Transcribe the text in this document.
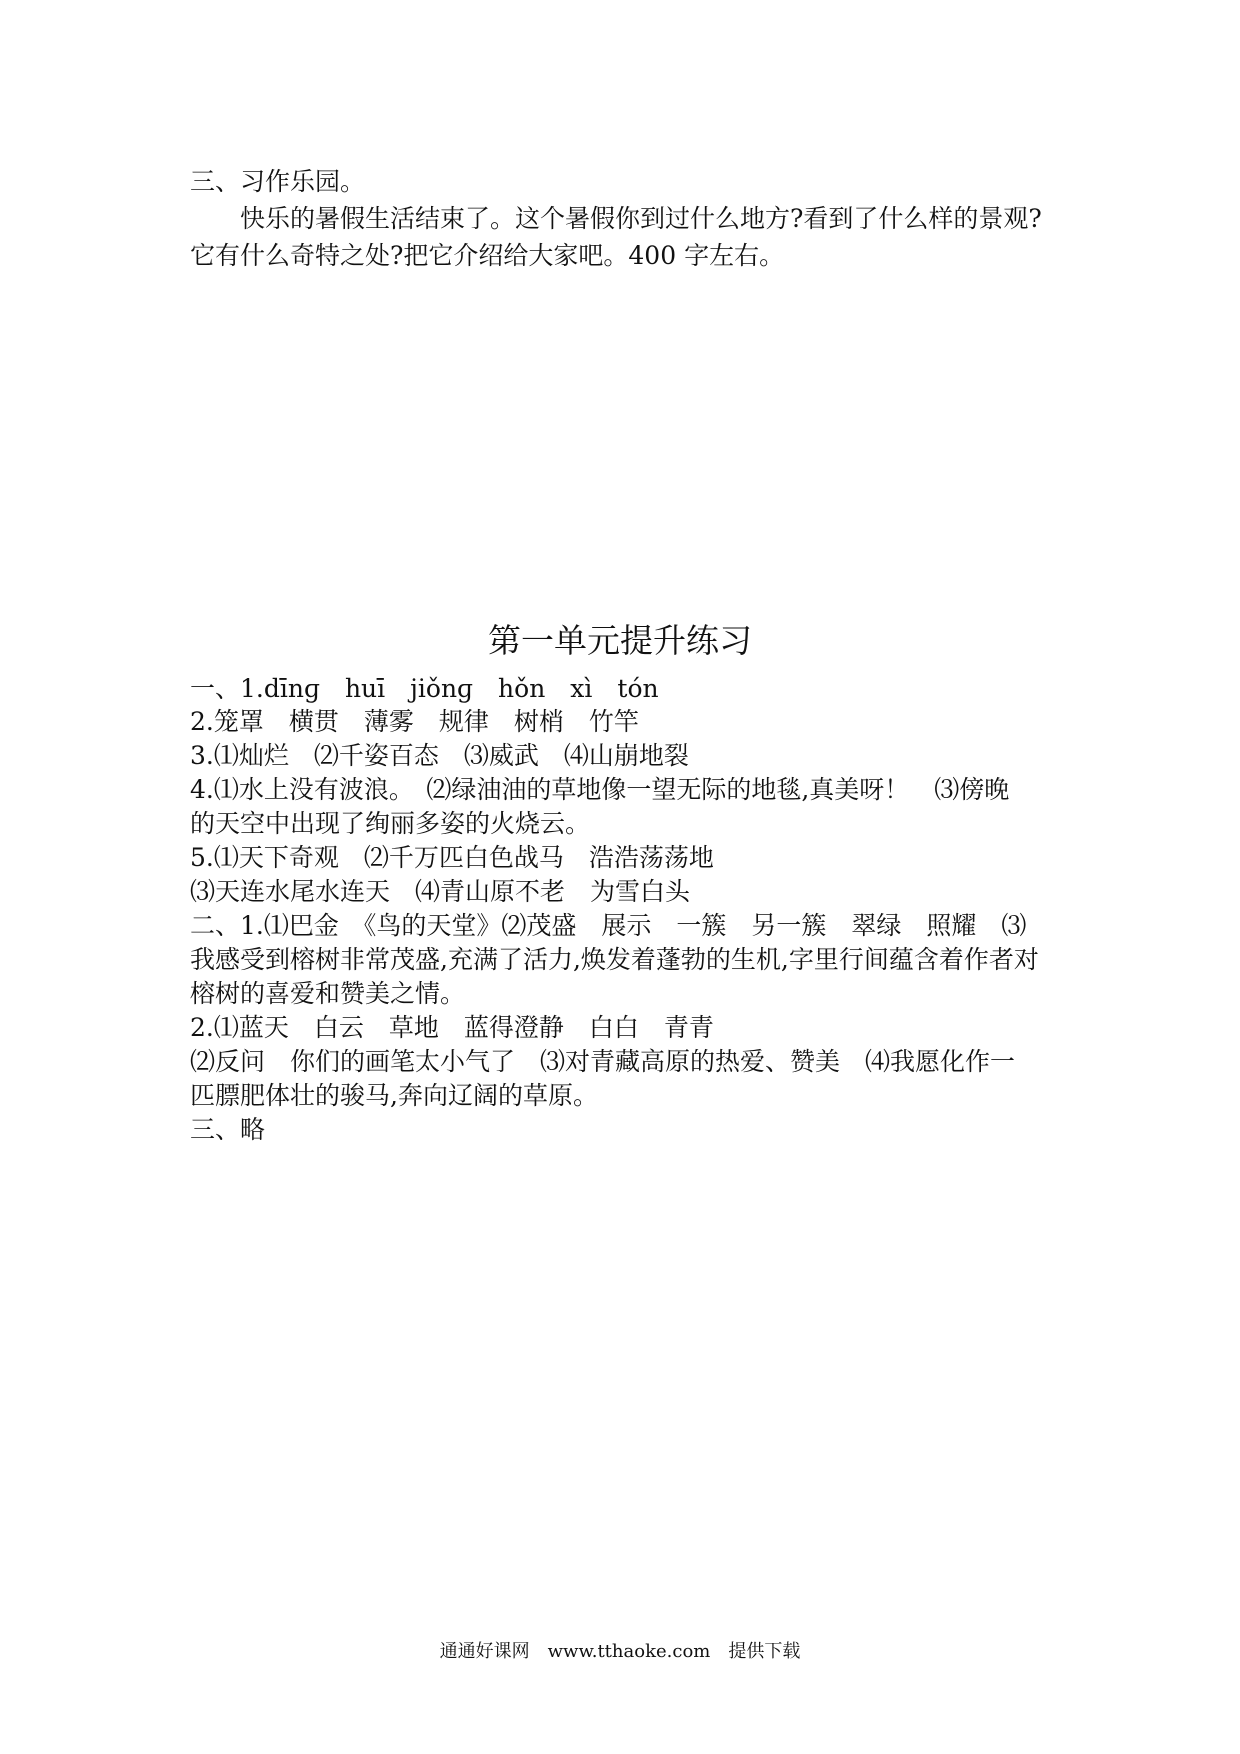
三、习作乐园。
快乐的暑假生活结束了。这个暑假你到过什么地方?看到了什么样的景观?
它有什么奇特之处?把它介绍给大家吧。400 字左右。
第一单元提升练习
一、1.dīnɡ　huī　jiǒnɡ　hǒn　xì　tón
2.笼罩　横贯　薄雾　规律　树梢　竹竿
3.⑴灿烂　⑵千姿百态　⑶威武　⑷山崩地裂
4.⑴水上没有波浪。　⑵绿油油的草地像一望无际的地毯,真美呀！　⑶傍晚
的天空中出现了绚丽多姿的火烧云。
5.⑴天下奇观　⑵千万匹白色战马　浩浩荡荡地
⑶天连水尾水连天　⑷青山原不老　为雪白头
二、1.⑴巴金　《鸟的天堂》⑵茂盛　展示　一簇　另一簇　翠绿　照耀　⑶
我感受到榕树非常茂盛,充满了活力,焕发着蓬勃的生机,字里行间蕴含着作者对
榕树的喜爱和赞美之情。
2.⑴蓝天　白云　草地　蓝得澄静　白白　青青
⑵反问　你们的画笔太小气了　⑶对青藏高原的热爱、赞美　⑷我愿化作一
匹膘肥体壮的骏马,奔向辽阔的草原。
三、略
通通好课网　www.tthaoke.com　提供下载
